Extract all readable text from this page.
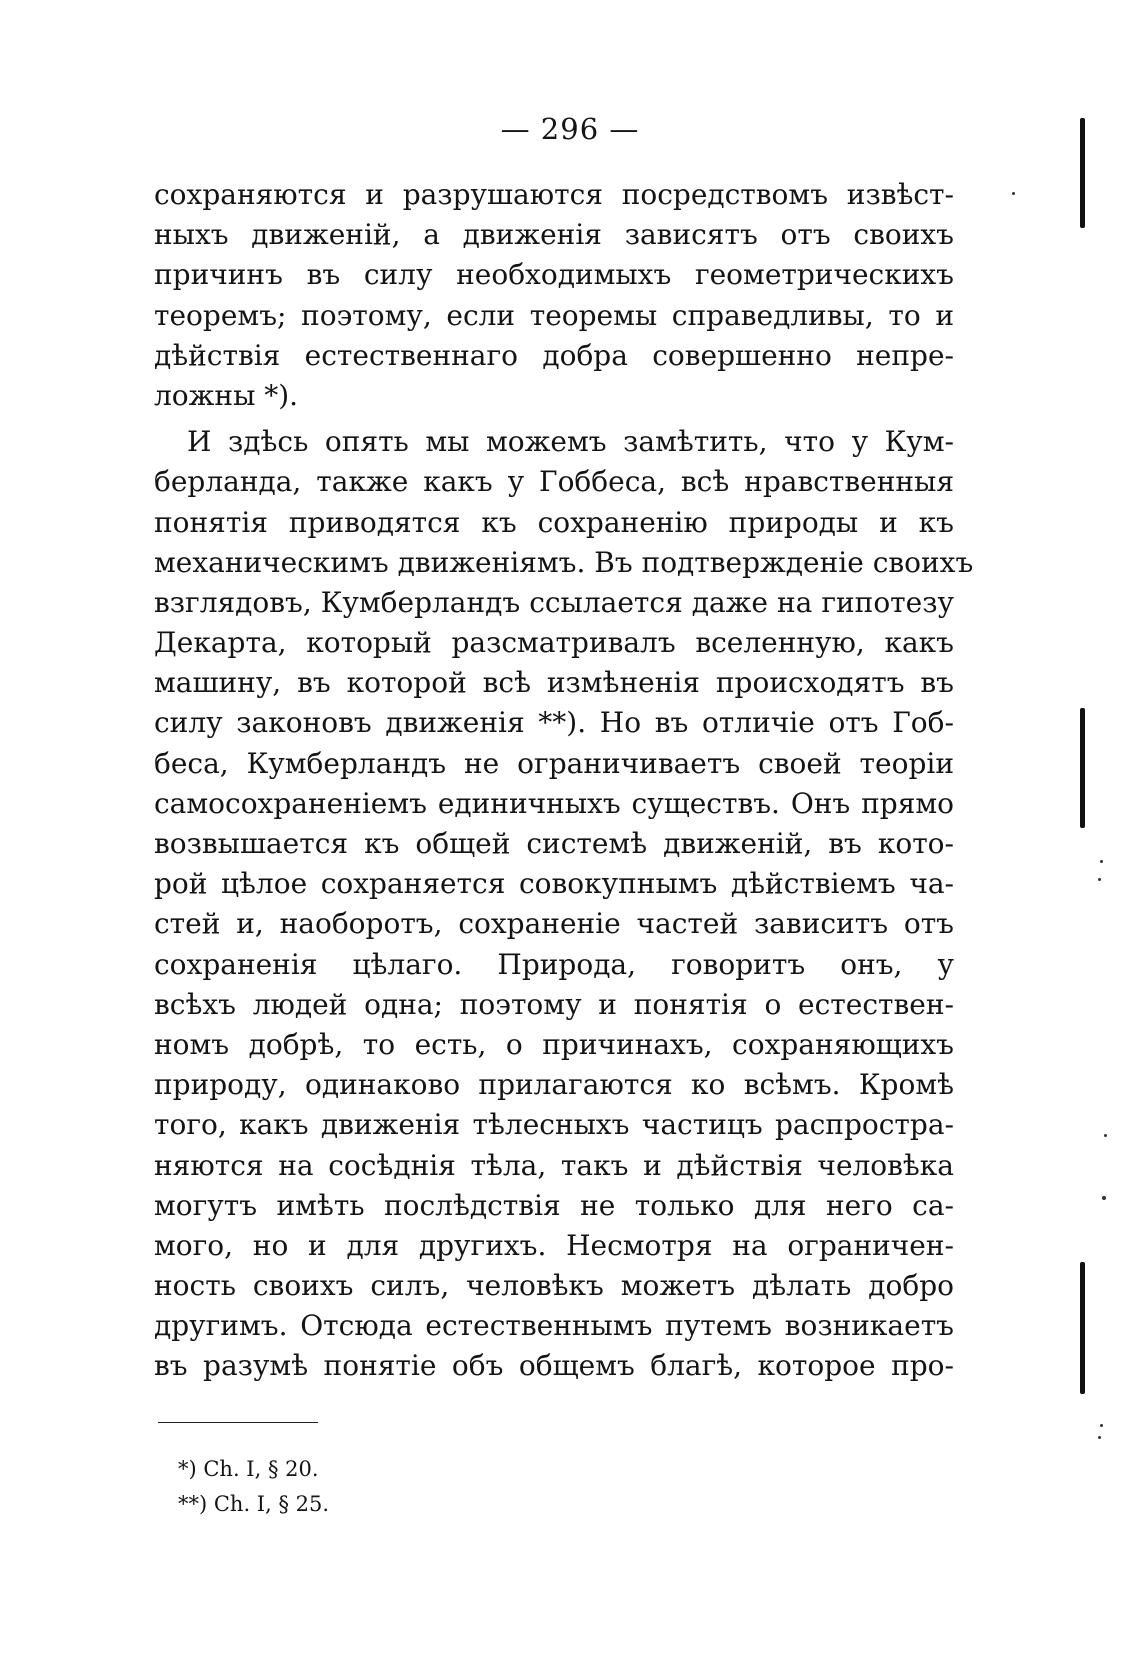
— 296 —
сохраняются и разрушаются посредствомъ извѣст-
ныхъ движеній, а движенія зависятъ отъ своихъ
причинъ въ силу необходимыхъ геометрическихъ
теоремъ; поэтому, если теоремы справедливы, то и
дѣйствія естественнаго добра совершенно непре-
ложны *).
И здѣсь опять мы можемъ замѣтить, что у Кум-
берланда, также какъ у Гоббеса, всѣ нравственныя
понятія приводятся къ сохраненію природы и къ
механическимъ движеніямъ. Въ подтвержденіе своихъ
взглядовъ, Кумберландъ ссылается даже на гипотезу
Декарта, который разсматривалъ вселенную, какъ
машину, въ которой всѣ измѣненія происходятъ въ
силу законовъ движенія **). Но въ отличіе отъ Гоб-
беса, Кумберландъ не ограничиваетъ своей теоріи
самосохраненіемъ единичныхъ существъ. Онъ прямо
возвышается къ общей системѣ движеній, въ кото-
рой цѣлое сохраняется совокупнымъ дѣйствіемъ ча-
стей и, наоборотъ, сохраненіе частей зависитъ отъ
сохраненія цѣлаго. Природа, говоритъ онъ, у
всѣхъ людей одна; поэтому и понятія о естествен-
номъ добрѣ, то есть, о причинахъ, сохраняющихъ
природу, одинаково прилагаются ко всѣмъ. Кромѣ
того, какъ движенія тѣлесныхъ частицъ распростра-
няются на сосѣднія тѣла, такъ и дѣйствія человѣка
могутъ имѣть послѣдствія не только для него са-
мого, но и для другихъ. Несмотря на ограничен-
ность своихъ силъ, человѣкъ можетъ дѣлать добро
другимъ. Отсюда естественнымъ путемъ возникаетъ
въ разумѣ понятіе объ общемъ благѣ, которое про-
*) Ch. I, § 20.
**) Ch. I, § 25.
